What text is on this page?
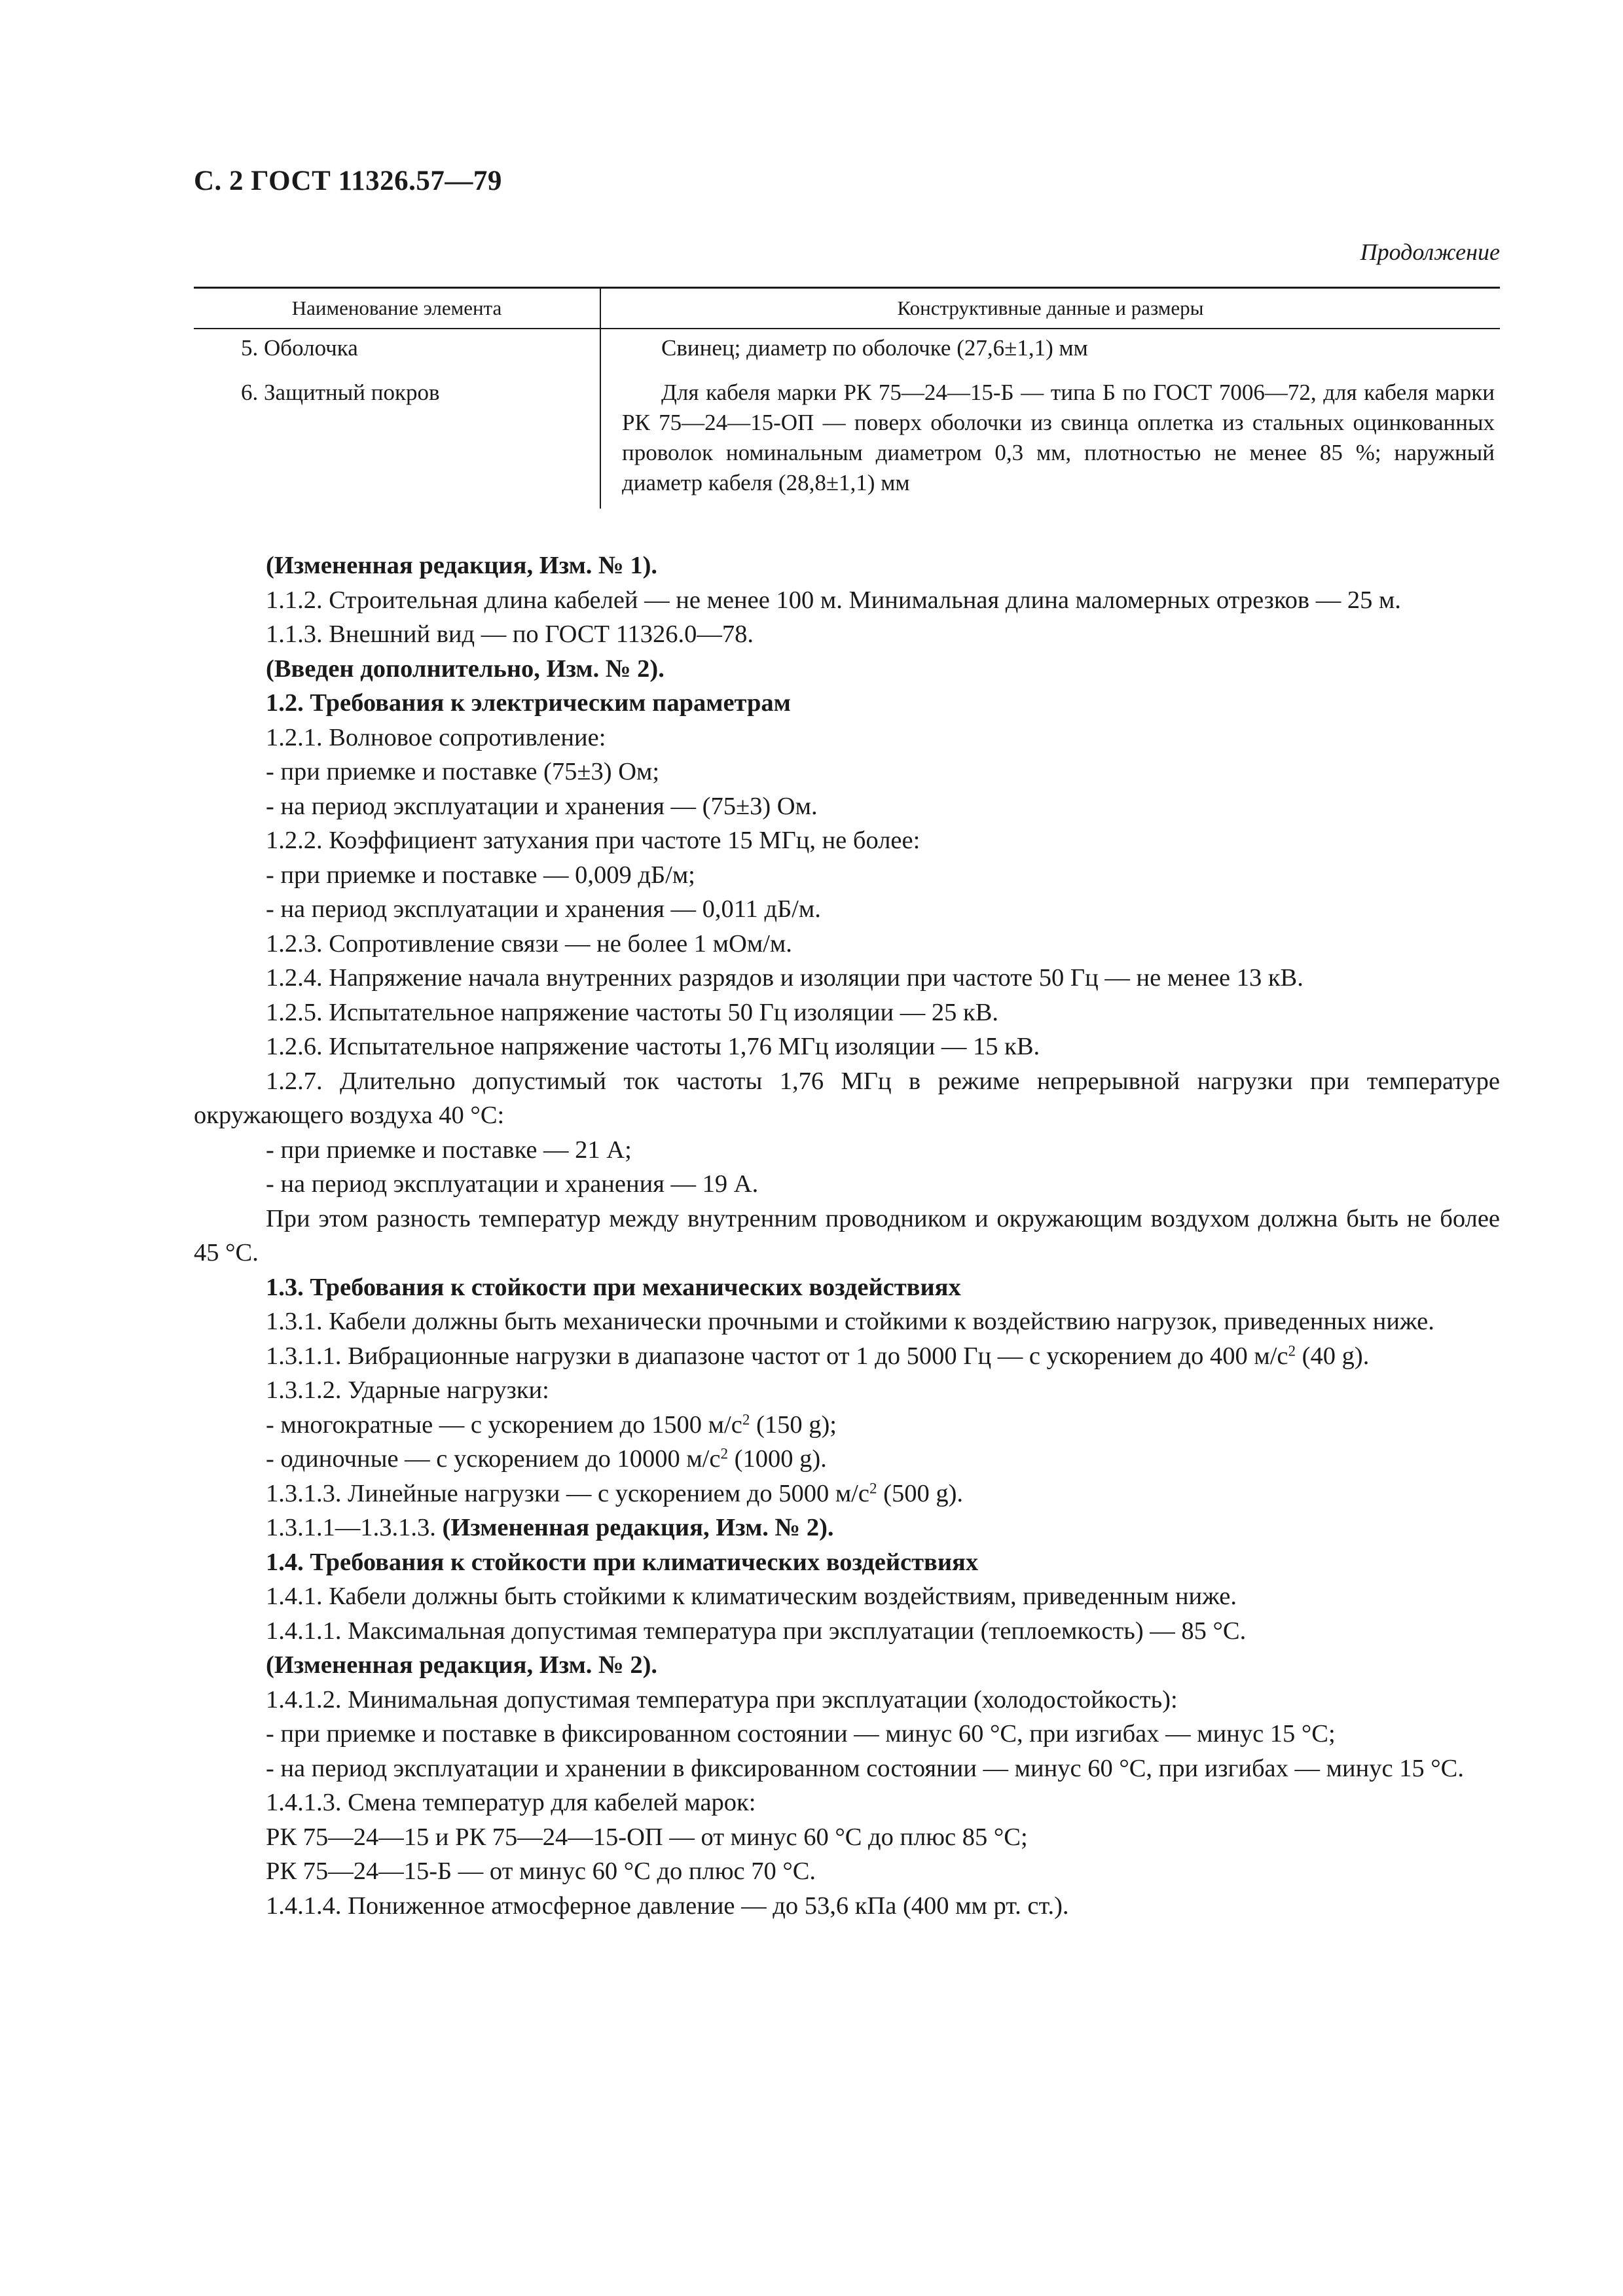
С. 2 ГОСТ 11326.57—79
Продолжение
Наименование элемента	Конструктивные данные и размеры
5. Оболочка
6. Защитный покров
Свинец; диаметр по оболочке (27,6±1,1) мм
Для кабеля марки РК 75—24—15-Б — типа Б по ГОСТ 7006—72, для кабеля марки РК 75—24—15-ОП — поверх оболочки из свинца оплетка из стальных оцинкованных проволок номинальным диаметром 0,3 мм, плотностью не менее 85 %; наружный диаметр кабеля (28,8±1,1) мм

(Измененная редакция, Изм. № 1).

1.1.2. Строительная длина кабелей — не менее 100 м. Минимальная длина маломерных отрезков — 25 м.

1.1.3. Внешний вид — по ГОСТ 11326.0—78.

(Введен дополнительно, Изм. № 2).

1.2. Требования к электрическим параметрам

1.2.1. Волновое сопротивление:

- при приемке и поставке (75±3) Ом;

- на период эксплуатации и хранения — (75±3) Ом.

1.2.2. Коэффициент затухания при частоте 15 МГц, не более:

- при приемке и поставке — 0,009 дБ/м;

- на период эксплуатации и хранения — 0,011 дБ/м.

1.2.3. Сопротивление связи — не более 1 мОм/м.

1.2.4. Напряжение начала внутренних разрядов и изоляции при частоте 50 Гц — не менее 13 кВ.

1.2.5. Испытательное напряжение частоты 50 Гц изоляции — 25 кВ.

1.2.6. Испытательное напряжение частоты 1,76 МГц изоляции — 15 кВ.

1.2.7. Длительно допустимый ток частоты 1,76 МГц в режиме непрерывной нагрузки при температуре окружающего воздуха 40 °С:

- при приемке и поставке — 21 А;

- на период эксплуатации и хранения — 19 А.

При этом разность температур между внутренним проводником и окружающим воздухом должна быть не более 45 °С.

1.3. Требования к стойкости при механических воздействиях

1.3.1. Кабели должны быть механически прочными и стойкими к воздействию нагрузок, приведенных ниже.

1.3.1.1. Вибрационные нагрузки в диапазоне частот от 1 до 5000 Гц — с ускорением до 400 $м/с^2$ (40 g).

1.3.1.2. Ударные нагрузки:

- многократные — с ускорением до 1500 $м/с^2$ (150 g);

- одиночные — с ускорением до 10000 $м/с^2$ (1000 g).

1.3.1.3. Линейные нагрузки — с ускорением до 5000 $м/с^2$ (500 g).

1.3.1.1—1.3.1.3. (Измененная редакция, Изм. № 2).

1.4. Требования к стойкости при климатических воздействиях

1.4.1. Кабели должны быть стойкими к климатическим воздействиям, приведенным ниже.

1.4.1.1. Максимальная допустимая температура при эксплуатации (теплоемкость) — 85 °С.

(Измененная редакция, Изм. № 2).

1.4.1.2. Минимальная допустимая температура при эксплуатации (холодостойкость):

- при приемке и поставке в фиксированном состоянии — минус 60 °С, при изгибах — минус 15 °С;

- на период эксплуатации и хранении в фиксированном состоянии — минус 60 °С, при изгибах — минус 15 °С.

1.4.1.3. Смена температур для кабелей марок:

РК 75—24—15 и РК 75—24—15-ОП — от минус 60 °С до плюс 85 °С;

РК 75—24—15-Б — от минус 60 °С до плюс 70 °С.

1.4.1.4. Пониженное атмосферное давление — до 53,6 кПа (400 мм рт. ст.).
